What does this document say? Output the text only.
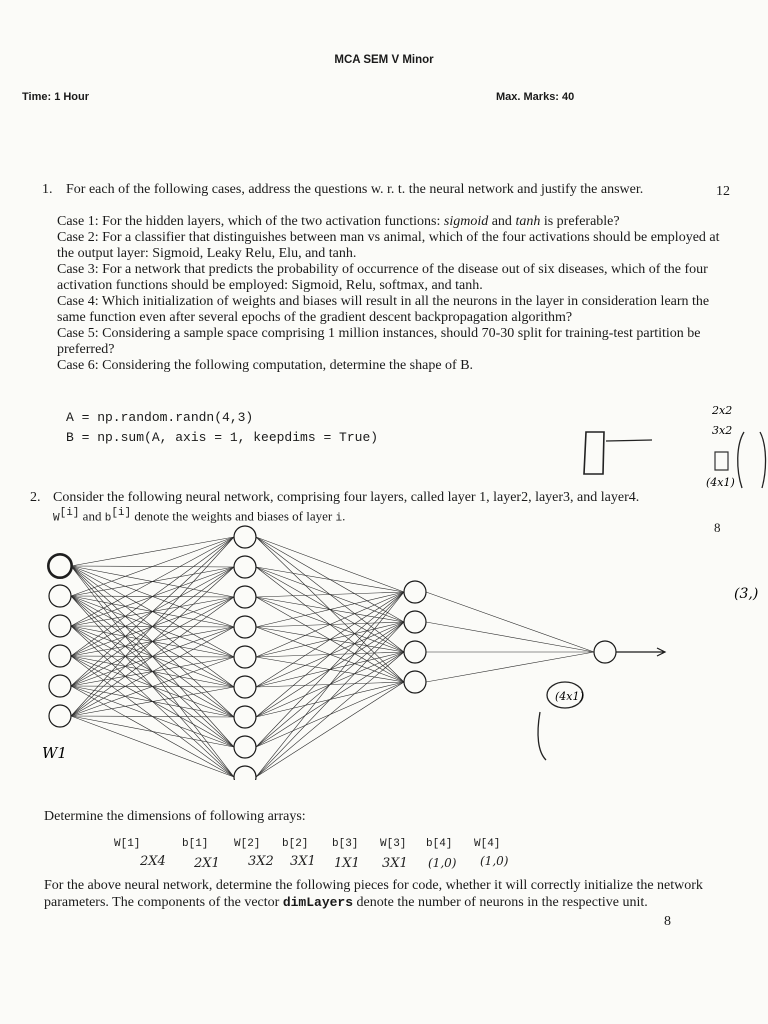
MCA SEM V Minor
Time: 1 Hour	Max. Marks: 40
1. For each of the following cases, address the questions w. r. t. the neural network and justify the answer.	12
Case 1: For the hidden layers, which of the two activation functions: sigmoid and tanh is preferable?
Case 2: For a classifier that distinguishes between man vs animal, which of the four activations should be employed at the output layer: Sigmoid, Leaky Relu, Elu, and tanh.
Case 3: For a network that predicts the probability of occurrence of the disease out of six diseases, which of the four activation functions should be employed: Sigmoid, Relu, softmax, and tanh.
Case 4: Which initialization of weights and biases will result in all the neurons in the layer in consideration learn the same function even after several epochs of the gradient descent backpropagation algorithm?
Case 5: Considering a sample space comprising 1 million instances, should 70-30 split for training-test partition be preferred?
Case 6: Considering the following computation, determine the shape of B.
A = np.random.randn(4,3)
B = np.sum(A, axis = 1, keepdims = True)
2x2
3x2
(4x1)
(3,)
(4x1)
W1
2. Consider the following neural network, comprising four layers, called layer 1, layer2, layer3, and layer4.
W[i] and b[i] denote the weights and biases of layer i.
8
Determine the dimensions of following arrays:
W[1]	b[1] W[2] b[2] b[3] W[3] b[4] W[4]
2X4 2X1 3X2 3X1 1X1 3X1 (1,0) (1,0)
For the above neural network, determine the following pieces for code, whether it will correctly initialize the network parameters. The components of the vector dimLayers denote the number of neurons in the respective unit.
8
